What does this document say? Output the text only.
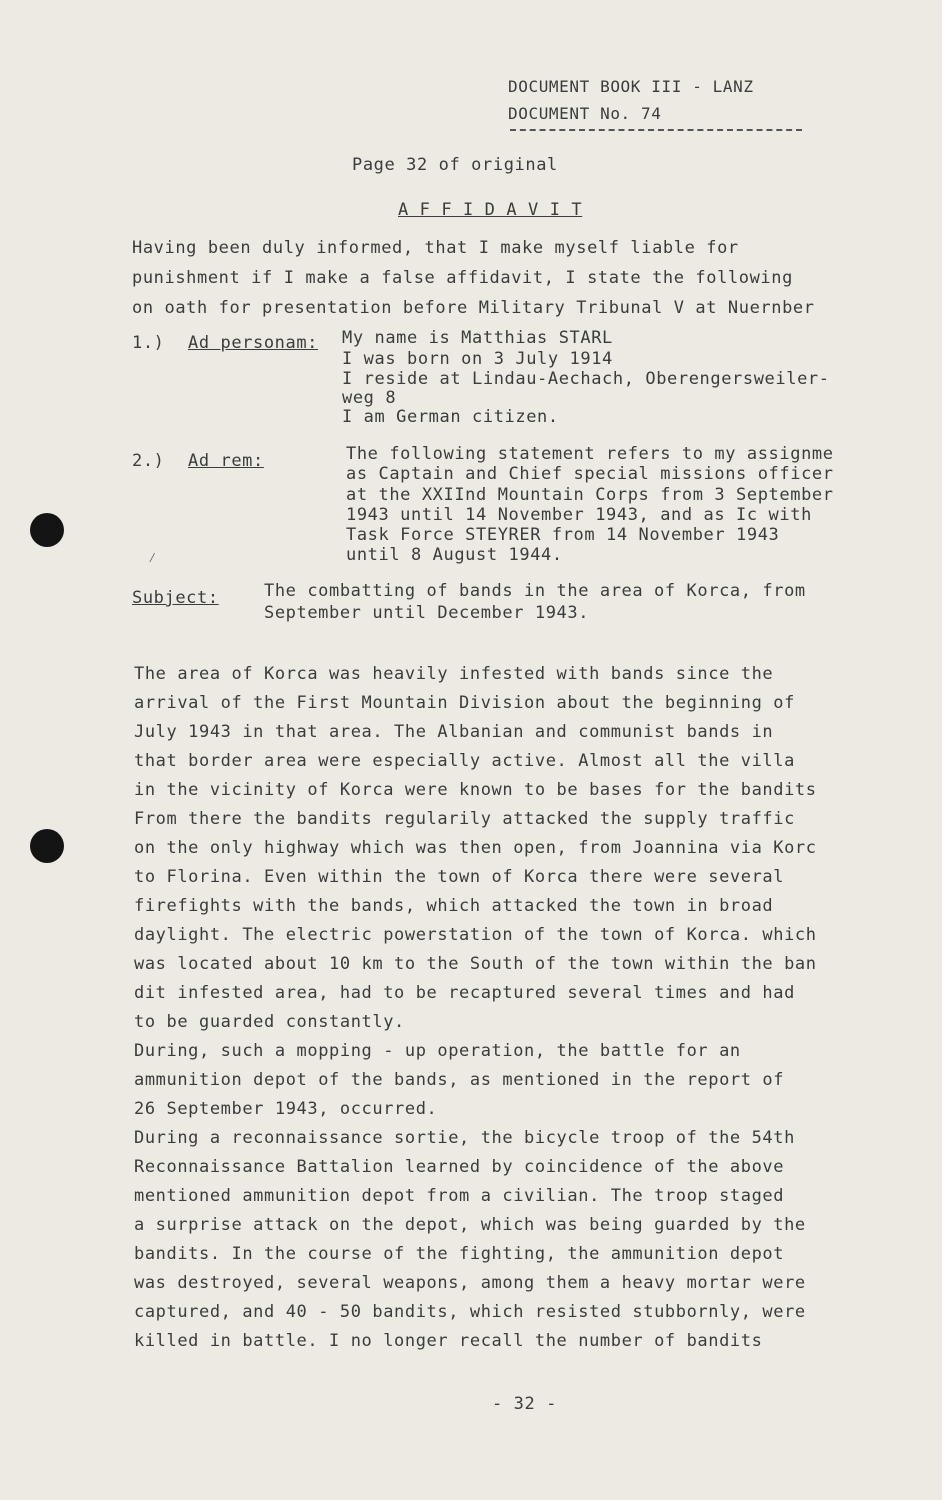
DOCUMENT BOOK III - LANZ
DOCUMENT No. 74
Page 32 of original
A F F I D A V I T
Having been duly informed, that I make myself liable for
punishment if I make a false affidavit, I state the following
on oath for presentation before Military Tribunal V at Nuernber
1.) Ad personam: My name is Matthias STARL
I was born on 3 July 1914
I reside at Lindau-Aechach, Oberengersweiler-
weg 8
I am German citizen.
2.) Ad rem:	The following statement refers to my assignme
as Captain and Chief special missions officer
at the XXIInd Mountain Corps from 3 September
1943 until 14 November 1943, and as Ic with
Task Force STEYRER from 14 November 1943
until 8 August 1944.
⁄
Subject:	The combatting of bands in the area of Korca, from
September until December 1943.
The area of Korca was heavily infested with bands since the
arrival of the First Mountain Division about the beginning of
July 1943 in that area. The Albanian and communist bands in
that border area were especially active. Almost all the villa
in the vicinity of Korca were known to be bases for the bandits
From there the bandits regularily attacked the supply traffic
on the only highway which was then open, from Joannina via Korc
to Florina. Even within the town of Korca there were several
firefights with the bands, which attacked the town in broad
daylight. The electric powerstation of the town of Korca. which
was located about 10 km to the South of the town within the ban
dit infested area, had to be recaptured several times and had
to be guarded constantly.
During, such a mopping - up operation, the battle for an
ammunition depot of the bands, as mentioned in the report of
26 September 1943, occurred.
During a reconnaissance sortie, the bicycle troop of the 54th
Reconnaissance Battalion learned by coincidence of the above
mentioned ammunition depot from a civilian. The troop staged
a surprise attack on the depot, which was being guarded by the
bandits. In the course of the fighting, the ammunition depot
was destroyed, several weapons, among them a heavy mortar were
captured, and 40 - 50 bandits, which resisted stubbornly, were
killed in battle. I no longer recall the number of bandits
- 32 -
